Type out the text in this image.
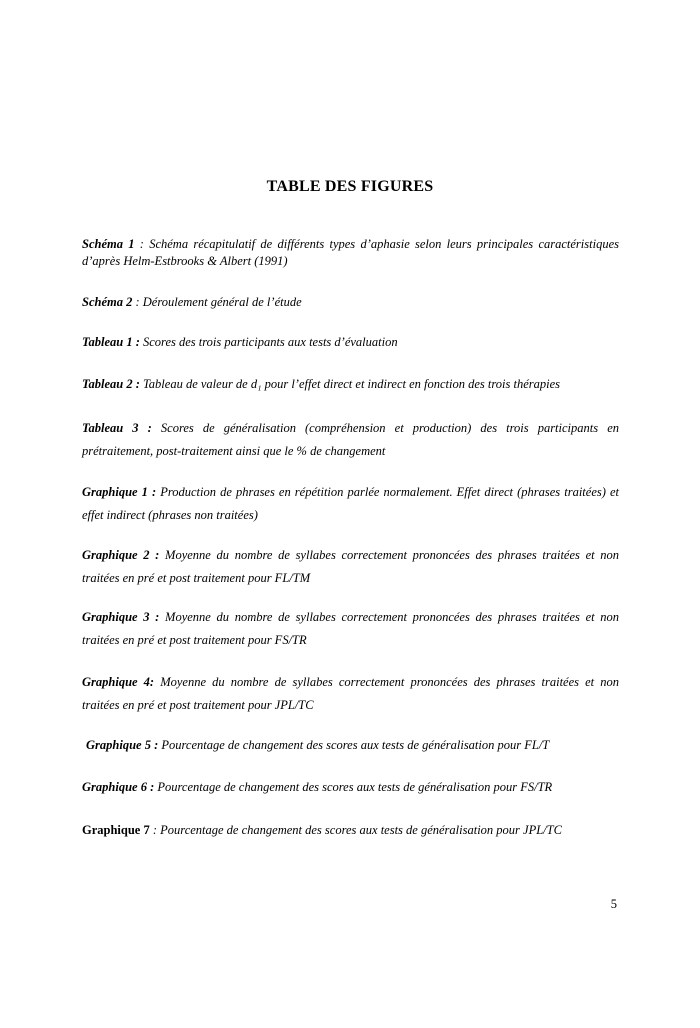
TABLE DES FIGURES
Schéma 1 : Schéma récapitulatif de différents types d’aphasie selon leurs principales caractéristiques d’après Helm-Estbrooks & Albert (1991)
Schéma 2 : Déroulement général de l’étude
Tableau 1 : Scores des trois participants aux tests d’évaluation
Tableau 2 : Tableau de valeur de d₁ pour l’effet direct et indirect en fonction des trois thérapies
Tableau 3 : Scores de généralisation (compréhension et production) des trois participants en prétraitement, post-traitement ainsi que le % de changement
Graphique 1 : Production de phrases en répétition parlée normalement. Effet direct (phrases traitées) et effet indirect (phrases non traitées)
Graphique 2 : Moyenne du nombre de syllabes correctement prononcées des phrases traitées et non traitées en pré et post traitement pour FL/TM
Graphique 3 : Moyenne du nombre de syllabes correctement prononcées des phrases traitées et non traitées en pré et post traitement pour FS/TR
Graphique 4: Moyenne du nombre de syllabes correctement prononcées des phrases traitées et non traitées en pré et post traitement pour JPL/TC
Graphique 5 : Pourcentage de changement des scores aux tests de généralisation pour FL/T
Graphique 6 : Pourcentage de changement des scores aux tests de généralisation pour FS/TR
Graphique 7 : Pourcentage de changement des scores aux tests de généralisation pour JPL/TC
5
